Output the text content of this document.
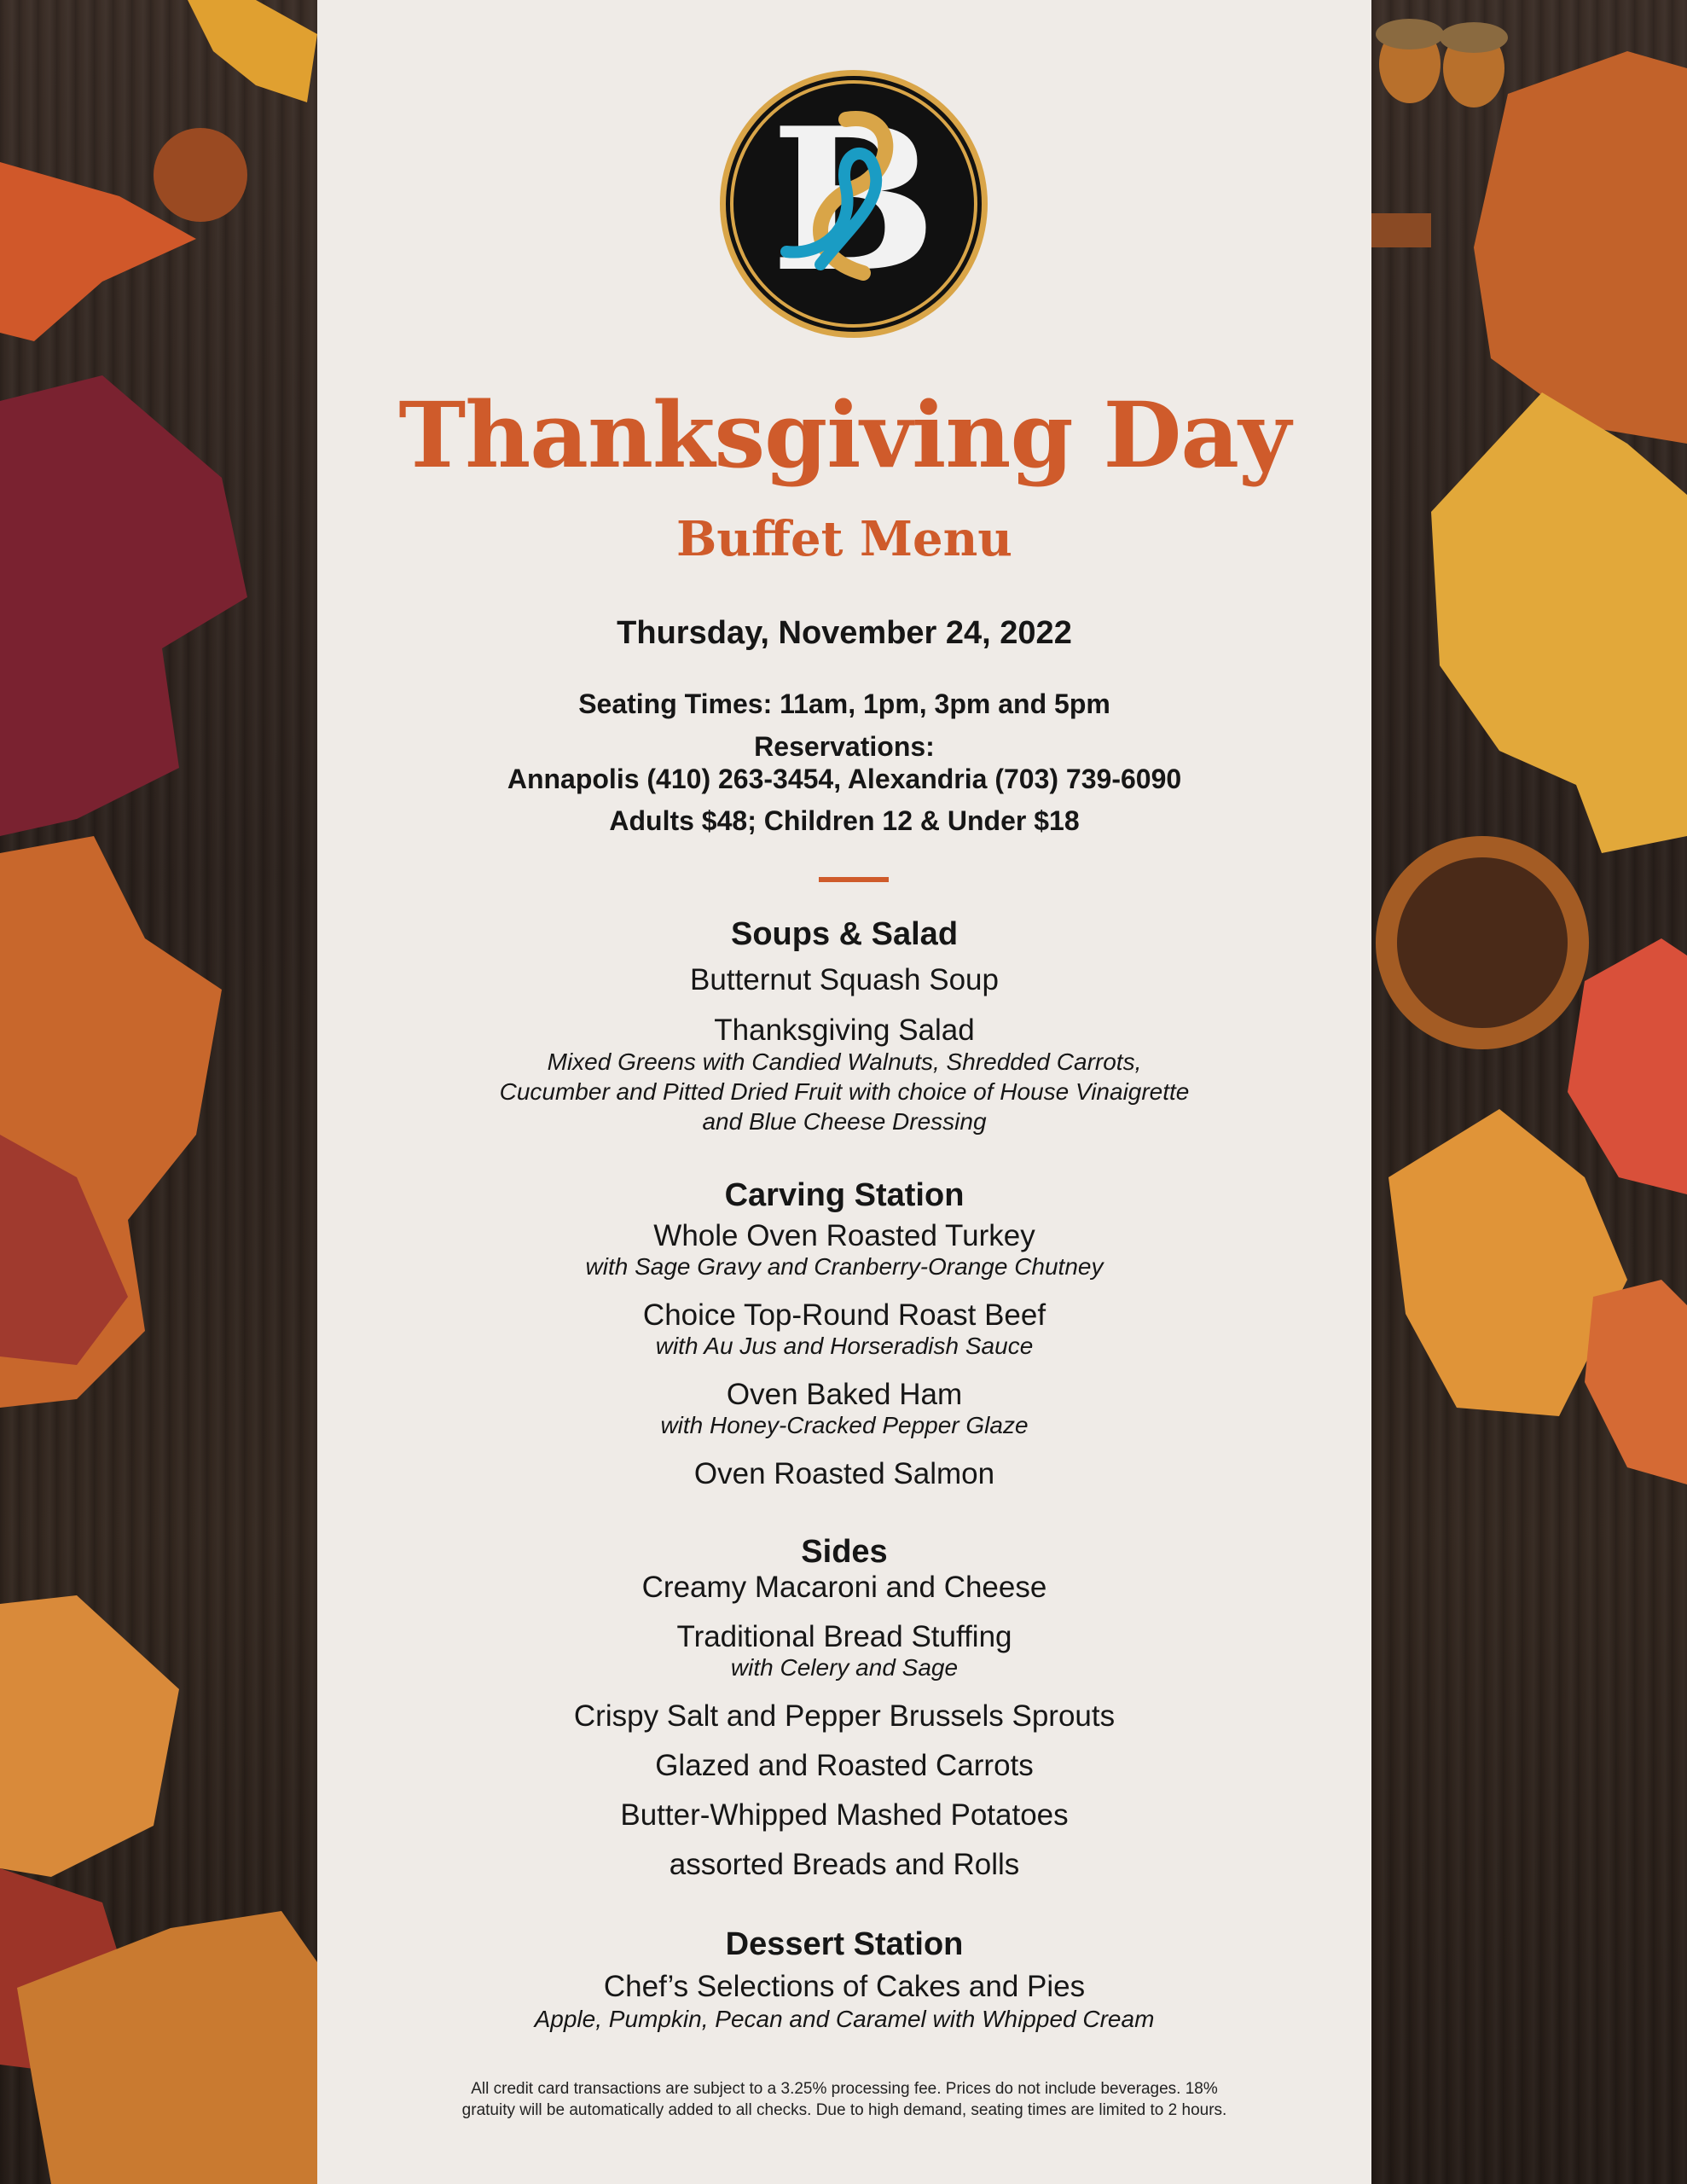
B
Thanksgiving Day
Buffet Menu
Thursday, November 24, 2022
Seating Times: 11am, 1pm, 3pm and 5pm
Reservations:
Annapolis (410) 263-3454, Alexandria (703) 739-6090
Adults $48; Children 12 & Under $18
Soups & Salad
Butternut Squash Soup
Thanksgiving Salad
Mixed Greens with Candied Walnuts, Shredded Carrots,
Cucumber and Pitted Dried Fruit with choice of House Vinaigrette
and Blue Cheese Dressing
Carving Station
Whole Oven Roasted Turkey
with Sage Gravy and Cranberry-Orange Chutney
Choice Top-Round Roast Beef
with Au Jus and Horseradish Sauce
Oven Baked Ham
with Honey-Cracked Pepper Glaze
Oven Roasted Salmon
Sides
Creamy Macaroni and Cheese
Traditional Bread Stuffing
with Celery and Sage
Crispy Salt and Pepper Brussels Sprouts
Glazed and Roasted Carrots
Butter-Whipped Mashed Potatoes
assorted Breads and Rolls
Dessert Station
Chef’s Selections of Cakes and Pies
Apple, Pumpkin, Pecan and Caramel with Whipped Cream
All credit card transactions are subject to a 3.25% processing fee. Prices do not include beverages. 18%
gratuity will be automatically added to all checks. Due to high demand, seating times are limited to 2 hours.
